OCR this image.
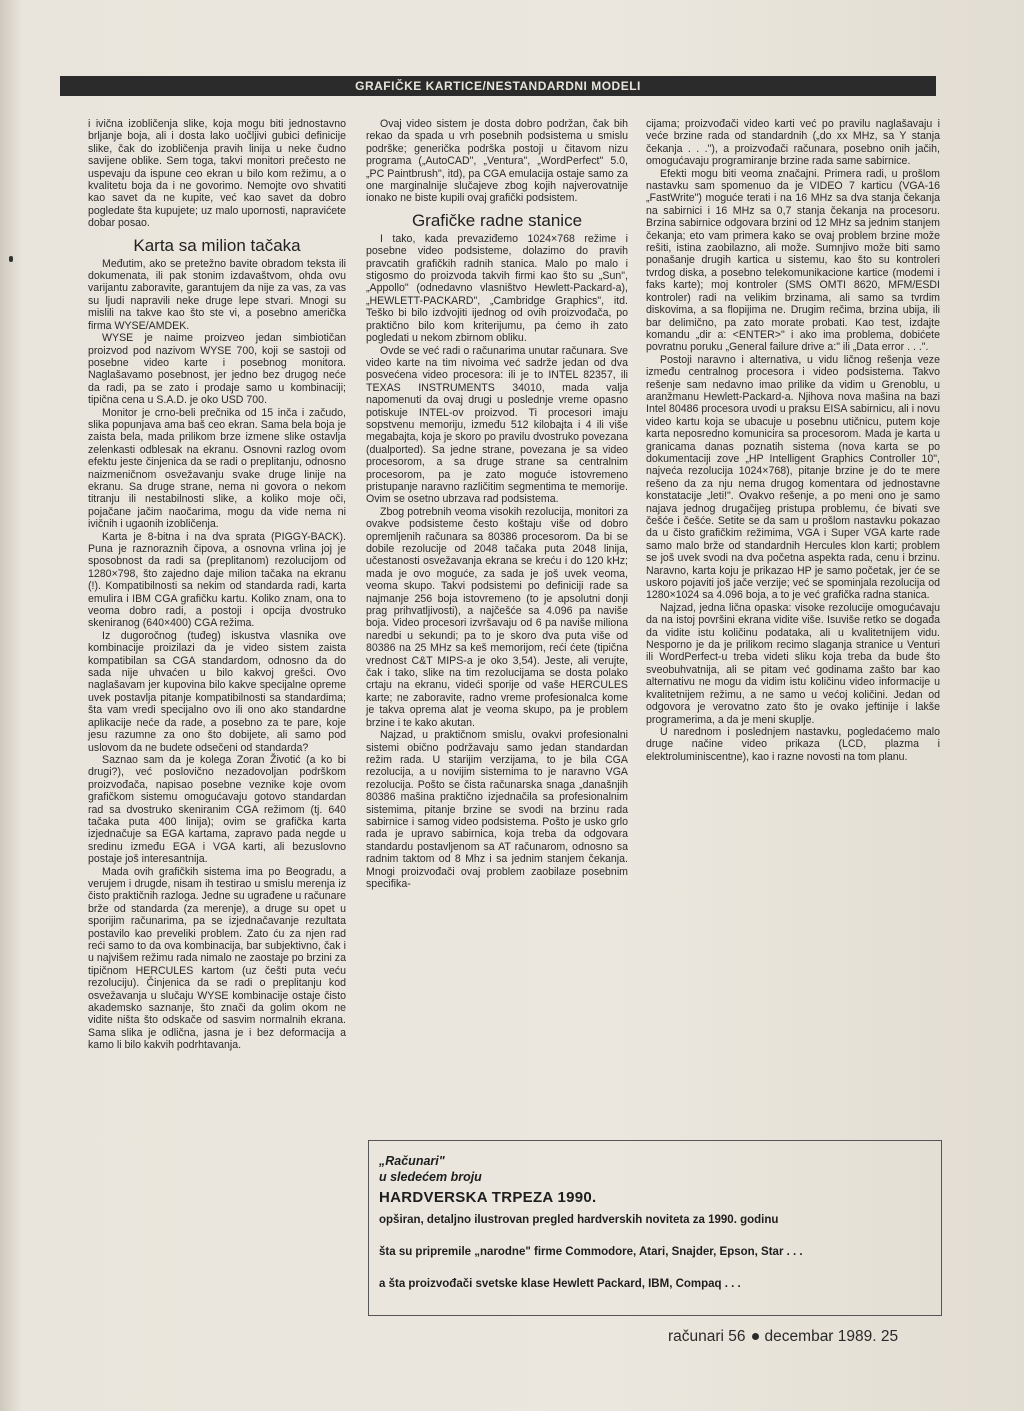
GRAFIČKE KARTICE/NESTANDARDNI MODELI

i ivična izobličenja slike, koja mogu biti jednostavno brljanje boja, ali i dosta lako uočljivi gubici definicije slike, čak do izobličenja pravih linija u neke čudno savijene oblike. Sem toga, takvi monitori prečesto ne uspevaju da ispune ceo ekran u bilo kom režimu, a o kvalitetu boja da i ne govorimo. Nemojte ovo shvatiti kao savet da ne kupite, već kao savet da dobro pogledate šta kupujete; uz malo upornosti, napravićete dobar posao.

Karta sa milion tačaka

Međutim, ako se pretežno bavite obradom teksta ili dokumenata, ili pak stonim izdavaštvom, ohda ovu varijantu zaboravite, garantujem da nije za vas, za vas su ljudi napravili neke druge lepe stvari. Mnogi su mislili na takve kao što ste vi, a posebno američka firma WYSE/AMDEK.

WYSE je naime proizveo jedan simbiotičan proizvod pod nazivom WYSE 700, koji se sastoji od posebne video karte i posebnog monitora. Naglašavamo posebnost, jer jedno bez drugog neće da radi, pa se zato i prodaje samo u kombinaciji; tipična cena u S.A.D. je oko USD 700.

Monitor je crno-beli prečnika od 15 inča i začudo, slika popunjava ama baš ceo ekran. Sama bela boja je zaista bela, mada prilikom brze izmene slike ostavlja zelenkasti odblesak na ekranu. Osnovni razlog ovom efektu jeste činjenica da se radi o preplitanju, odnosno naizmeničnom osvežavanju svake druge linije na ekranu. Sa druge strane, nema ni govora o nekom titranju ili nestabilnosti slike, a koliko moje oči, pojačane jačim naočarima, mogu da vide nema ni ivičnih i ugaonih izobličenja.

Karta je 8-bitna i na dva sprata (PIGGY-BACK). Puna je raznoraznih čipova, a osnovna vrlina joj je sposobnost da radi sa (preplitanom) rezolucijom od 1280×798, što zajedno daje milion tačaka na ekranu (!). Kompatibilnosti sa nekim od standarda radi, karta emulira i IBM CGA grafičku kartu. Koliko znam, ona to veoma dobro radi, a postoji i opcija dvostruko skeniranog (640×400) CGA režima.

Iz dugoročnog (tuđeg) iskustva vlasnika ove kombinacije proizilazi da je video sistem zaista kompatibilan sa CGA standardom, odnosno da do sada nije uhvaćen u bilo kakvoj grešci. Ovo naglašavam jer kupovina bilo kakve specijalne opreme uvek postavlja pitanje kompatibilnosti sa standardima; šta vam vredi specijalno ovo ili ono ako standardne aplikacije neće da rade, a posebno za te pare, koje jesu razumne za ono što dobijete, ali samo pod uslovom da ne budete odsečeni od standarda?

Saznao sam da je kolega Zoran Životić (a ko bi drugi?), već poslovično nezadovoljan podrškom proizvođača, napisao posebne veznike koje ovom grafičkom sistemu omogućavaju gotovo standardan rad sa dvostruko skeniranim CGA režimom (tj. 640 tačaka puta 400 linija); ovim se grafička karta izjednačuje sa EGA kartama, zapravo pada negde u sredinu između EGA i VGA karti, ali bezuslovno postaje još interesantnija.

Mada ovih grafičkih sistema ima po Beogradu, a verujem i drugde, nisam ih testirao u smislu merenja iz čisto praktičnih razloga. Jedne su ugrađene u računare brže od standarda (za merenje), a druge su opet u sporijim računarima, pa se izjednačavanje rezultata postavilo kao preveliki problem. Zato ću za njen rad reći samo to da ova kombinacija, bar subjektivno, čak i u najvišem režimu rada nimalo ne zaostaje po brzini za tipičnom HERCULES kartom (uz češti puta veću rezoluciju). Činjenica da se radi o preplitanju kod osvežavanja u slučaju WYSE kombinacije ostaje čisto akademsko saznanje, što znači da golim okom ne vidite ništa što odskače od sasvim normalnih ekrana. Sama slika je odlična, jasna je i bez deformacija a kamo li bilo kakvih podrhtavanja.

Ovaj video sistem je dosta dobro podržan, čak bih rekao da spada u vrh posebnih podsistema u smislu podrške; generička podrška postoji u čitavom nizu programa („AutoCAD", „Ventura", „WordPerfect" 5.0,„PC Paintbrush", itd), pa CGA emulacija ostaje samo za one marginalnije slučajeve zbog kojih najverovatnije ionako ne biste kupili ovaj grafički podsistem.

Grafičke radne stanice

I tako, kada prevaziđemo 1024×768 režime i posebne video podsisteme, dolazimo do pravih pravcatih grafičkih radnih stanica. Malo po malo i stigosmo do proizvoda takvih firmi kao što su „Sun", „Appollo" (odnedavno vlasništvo Hewlett-Packard-a), „HEWLETT-PACKARD", „Cambridge Graphics", itd. Teško bi bilo izdvojiti ijednog od ovih proizvođača, po praktično bilo kom kriterijumu, pa ćemo ih zato pogledati u nekom zbirnom obliku.

Ovde se već radi o računarima unutar računara. Sve video karte na tim nivoima već sadrže jedan od dva posvećena video procesora: ili je to INTEL 82357, ili TEXAS INSTRUMENTS 34010, mada valja napomenuti da ovaj drugi u poslednje vreme opasno potiskuje INTEL-ov proizvod. Ti procesori imaju sopstvenu memoriju, između 512 kilobajta i 4 ili više megabajta, koja je skoro po pravilu dvostruko povezana (dualported). Sa jedne strane, povezana je sa video procesorom, a sa druge strane sa centralnim procesorom, pa je zato moguće istovremeno pristupanje naravno različitim segmentima te memorije. Ovim se osetno ubrzava rad podsistema.

Zbog potrebnih veoma visokih rezolucija, monitori za ovakve podsisteme često koštaju više od dobro opremljenih računara sa 80386 procesorom. Da bi se dobile rezolucije od 2048 tačaka puta 2048 linija, učestanosti osvežavanja ekrana se kreću i do 120 kHz; mada je ovo moguće, za sada je još uvek veoma, veoma skupo. Takvi podsistemi po definiciji rade sa najmanje 256 boja istovremeno (to je apsolutni donji prag prihvatljivosti), a najčešće sa 4.096 pa naviše boja. Video procesori izvršavaju od 6 pa naviše miliona naredbi u sekundi; pa to je skoro dva puta više od 80386 na 25 MHz sa keš memorijom, reći ćete (tipična vrednost C&T MIPS-a je oko 3,54). Jeste, ali verujte, čak i tako, slike na tim rezolucijama se dosta polako crtaju na ekranu, videći sporije od vaše HERCULES karte; ne zaboravite, radno vreme profesionalca kome je takva oprema alat je veoma skupo, pa je problem brzine i te kako akutan.

Najzad, u praktičnom smislu, ovakvi profesionalni sistemi obično podržavaju samo jedan standardan režim rada. U starijim verzijama, to je bila CGA rezolucija, a u novijim sistemima to je naravno VGA rezolucija. Pošto se čista računarska snaga „današnjih 80386 mašina praktično izjednačila sa profesionalnim sistemima, pitanje brzine se svodi na brzinu rada sabirnice i samog video podsistema. Pošto je usko grlo rada je upravo sabirnica, koja treba da odgovara standardu postavljenom sa AT računarom, odnosno sa radnim taktom od 8 Mhz i sa jednim stanjem čekanja. Mnogi proizvođači ovaj problem zaobilaze posebnim specifika-

cijama; proizvođači video karti već po pravilu naglašavaju i veće brzine rada od standardnih („do xx MHz, sa Y stanja čekanja . . ."), a proizvođači računara, posebno onih jačih, omogućavaju programiranje brzine rada same sabirnice.

Efekti mogu biti veoma značajni. Primera radi, u prošlom nastavku sam spomenuo da je VIDEO 7 karticu (VGA-16 „FastWrite") moguće terati i na 16 MHz sa dva stanja čekanja na sabirnici i 16 MHz sa 0,7 stanja čekanja na procesoru. Brzina sabirnice odgovara brzini od 12 MHz sa jednim stanjem čekanja; eto vam primera kako se ovaj problem brzine može rešiti, istina zaobilazno, ali može. Sumnjivo može biti samo ponašanje drugih kartica u sistemu, kao što su kontroleri tvrdog diska, a posebno telekomunikacione kartice (modemi i faks karte); moj kontroler (SMS OMTI 8620, MFM/ESDI kontroler) radi na velikim brzinama, ali samo sa tvrdim diskovima, a sa flopijima ne. Drugim rečima, brzina ubija, ili bar delimično, pa zato morate probati. Kao test, izdajte komandu „dir a: <ENTER>" i ako ima problema, dobićete povratnu poruku „General failure drive a:" ili „Data error . . .".

Postoji naravno i alternativa, u vidu ličnog rešenja veze između centralnog procesora i video podsistema. Takvo rešenje sam nedavno imao prilike da vidim u Grenoblu, u aranžmanu Hewlett-Packard-a. Njihova nova mašina na bazi Intel 80486 procesora uvodi u praksu EISA sabirnicu, ali i novu video kartu koja se ubacuje u posebnu utičnicu, putem koje karta neposredno komunicira sa procesorom. Mada je karta u granicama danas poznatih sistema (nova karta se po dokumentaciji zove „HP Intelligent Graphics Controller 10", najveća rezolucija 1024×768), pitanje brzine je do te mere rešeno da za nju nema drugog komentara od jednostavne konstatacije „leti!". Ovakvo rešenje, a po meni ono je samo najava jednog drugačijeg pristupa problemu, će bivati sve češće i češće. Setite se da sam u prošlom nastavku pokazao da u čisto grafičkim režimima, VGA i Super VGA karte rade samo malo brže od standardnih Hercules klon karti; problem se još uvek svodi na dva početna aspekta rada, cenu i brzinu. Naravno, karta koju je prikazao HP je samo početak, jer će se uskoro pojaviti još jače verzije; već se spominjala rezolucija od 1280×1024 sa 4.096 boja, a to je već grafička radna stanica.

Najzad, jedna lična opaska: visoke rezolucije omogućavaju da na istoj površini ekrana vidite više. Isuviše retko se događa da vidite istu količinu podataka, ali u kvalitetnijem vidu. Nesporno je da je prilikom recimo slaganja stranice u Venturi ili WordPerfect-u treba videti sliku koja treba da bude što sveobuhvatnija, ali se pitam već godinama zašto bar kao alternativu ne mogu da vidim istu količinu video informacije u kvalitetnijem režimu, a ne samo u većoj količini. Jedan od odgovora je verovatno zato što je ovako jeftinije i lakše programerima, a da je meni skuplje.

U narednom i poslednjem nastavku, pogledaćemo malo druge načine video prikaza (LCD, plazma i elektroluminiscentne), kao i razne novosti na tom planu.

„Računari"
u sledećem broju
HARDVERSKA TRPEZA 1990.
opširan, detaljno ilustrovan pregled hardverskih noviteta za 1990. godinu
šta su pripremile „narodne" firme Commodore, Atari, Snajder, Epson, Star . . .
a šta proizvođači svetske klase Hewlett Packard, IBM, Compaq . . .
računari 56 decembar 1989. 25
